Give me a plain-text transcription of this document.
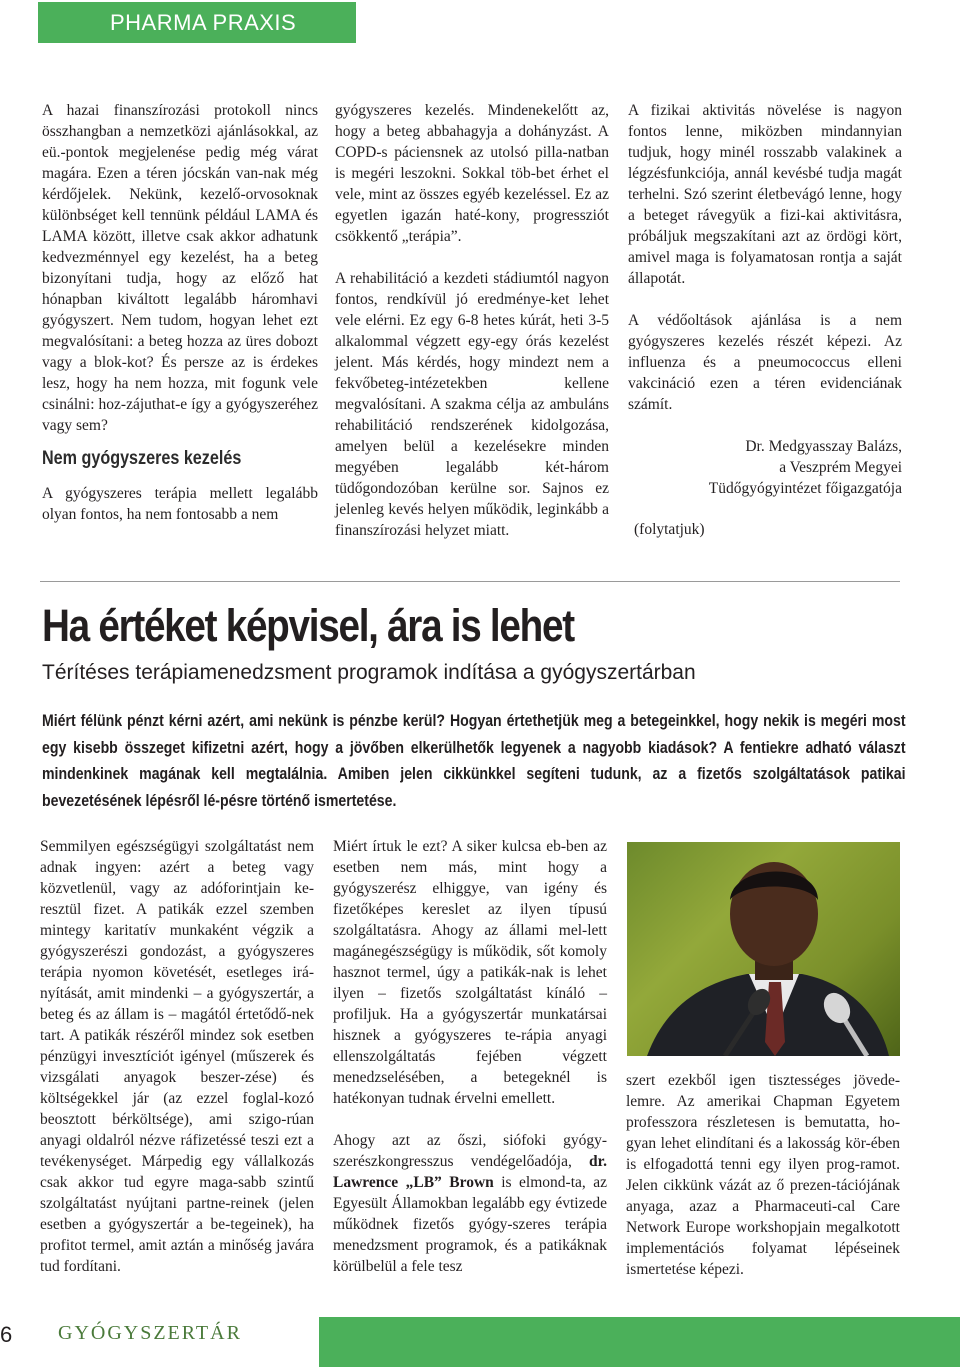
PHARMA PRAXIS

A hazai finanszírozási protokoll nincs összhangban a nemzetközi ajánlásokkal, az eü.-pontok megjelenése pedig még várat magára. Ezen a téren jócskán van-nak még kérdőjelek. Nekünk, kezelő-orvosoknak különbséget kell tennünk például LAMA és LAMA között, illetve csak akkor adhatunk kedvezménnyel egy kezelést, ha a beteg bizonyítani tudja, hogy az előző hat hónapban kiváltott legalább háromhavi gyógyszert. Nem tudom, hogyan lehet ezt megvalósítani: a beteg hozza az üres dobozt vagy a blok-kot? És persze az is érdekes lesz, hogy ha nem hozza, mit fogunk vele csinálni: hoz-zájuthat-e így a gyógyszeréhez vagy sem?

Nem gyógyszeres kezelés

A gyógyszeres terápia mellett legalább olyan fontos, ha nem fontosabb a nem

gyógyszeres kezelés. Mindenekelőtt az, hogy a beteg abbahagyja a dohányzást. A COPD-s páciensnek az utolsó pilla-natban is megéri leszokni. Sokkal töb-bet érhet el vele, mint az összes egyéb kezeléssel. Ez az egyetlen igazán haté-kony, progressziót csökkentő „terápia”.

A rehabilitáció a kezdeti stádiumtól nagyon fontos, rendkívül jó eredménye-ket lehet vele elérni. Ez egy 6-8 hetes kúrát, heti 3-5 alkalommal végzett egy-egy órás kezelést jelent. Más kérdés, hogy mindezt nem a fekvőbeteg-intézetekben kellene megvalósítani. A szakma célja az ambuláns rehabilitáció rendszerének kidolgozása, amelyen belül a kezelésekre minden megyében legalább két-három tüdőgondozóban kerülne sor. Sajnos ez jelenleg kevés helyen működik, leginkább a finanszírozási helyzet miatt.

A fizikai aktivitás növelése is nagyon fontos lenne, miközben mindannyian tudjuk, hogy minél rosszabb valakinek a légzésfunkciója, annál kevésbé tudja magát terhelni. Szó szerint életbevágó lenne, hogy a beteget rávegyük a fizi-kai aktivitásra, próbáljuk megszakítani azt az ördögi kört, amivel maga is folyamatosan rontja a saját állapotát.

A védőoltások ajánlása is a nem gyógyszeres kezelés részét képezi. Az influenza és a pneumococcus elleni vakcináció ezen a téren evidenciának számít.

Dr. Medgyasszay Balázs,
a Veszprém Megyei
Tüdőgyógyintézet főigazgatója
(folytatjuk)
Ha értéket képvisel, ára is lehet
Térítéses terápiamenedzsment programok indítása a gyógyszertárban
Miért félünk pénzt kérni azért, ami nekünk is pénzbe kerül? Hogyan értethetjük meg a betegeinkkel, hogy nekik is megéri most egy kisebb összeget kifizetni azért, hogy a jövőben elkerülhetők legyenek a nagyobb kiadások? A fentiekre adható választ mindenkinek magának kell megtalálnia. Amiben jelen cikkünkkel segíteni tudunk, az a fizetős szolgáltatások patikai bevezetésének lépésről lé-pésre történő ismertetése.

Semmilyen egészségügyi szolgáltatást nem adnak ingyen: azért a beteg vagy közvetlenül, vagy az adóforintjain ke-resztül fizet. A patikák ezzel szemben mintegy karitatív munkaként végzik a gyógyszerészi gondozást, a gyógyszeres terápia nyomon követését, esetleges irá-nyítását, amit mindenki – a gyógyszertár, a beteg és az állam is – magától értetődő-nek tart. A patikák részéről mindez sok esetben pénzügyi invesztíciót igényel (műszerek és vizsgálati anyagok beszer-zése) és költségekkel jár (az ezzel foglal-kozó beosztott bérköltsége), ami szigo-rúan anyagi oldalról nézve ráfizetéssé teszi ezt a tevékenységet. Márpedig egy vállalkozás csak akkor tud egyre maga-sabb szintű szolgáltatást nyújtani partne-reinek (jelen esetben a gyógyszertár a be-tegeinek), ha profitot termel, amit aztán a minőség javára tud fordítani.

Miért írtuk le ezt? A siker kulcsa eb-ben az esetben nem más, mint hogy a gyógyszerész elhiggye, van igény és fizetőképes kereslet az ilyen típusú szolgáltatásra. Ahogy az állami mel-lett magánegészségügy is működik, sőt komoly hasznot termel, úgy a patikák-nak is lehet ilyen – fizetős szolgáltatást kínáló – profiljuk. Ha a gyógyszertár munkatársai hisznek a gyógyszeres te-rápia anyagi ellenszolgáltatás fejében végzett menedzselésében, a betegeknél is hatékonyan tudnak érvelni emellett.

Ahogy azt az őszi, siófoki gyógy-szerészkongresszus vendégelőadója, dr. Lawrence „LB” Brown is elmond-ta, az Egyesült Államokban legalább egy évtizede működnek fizetős gyógy-szeres terápia menedzsment programok, és a patikáknak körülbelül a fele tesz

szert ezekből igen tisztességes jövede-lemre. Az amerikai Chapman Egyetem professzora részletesen is bemutatta, ho-gyan lehet elindítani és a lakosság kör-ében is elfogadottá tenni egy ilyen prog-ramot. Jelen cikkünk vázát az ő prezen-tációjának anyaga, azaz a Pharmaceuti-cal Care Network Europe workshopjain megalkotott implementációs folyamat lépéseinek ismertetése képezi.

6 GYÓGYSZERTÁR
